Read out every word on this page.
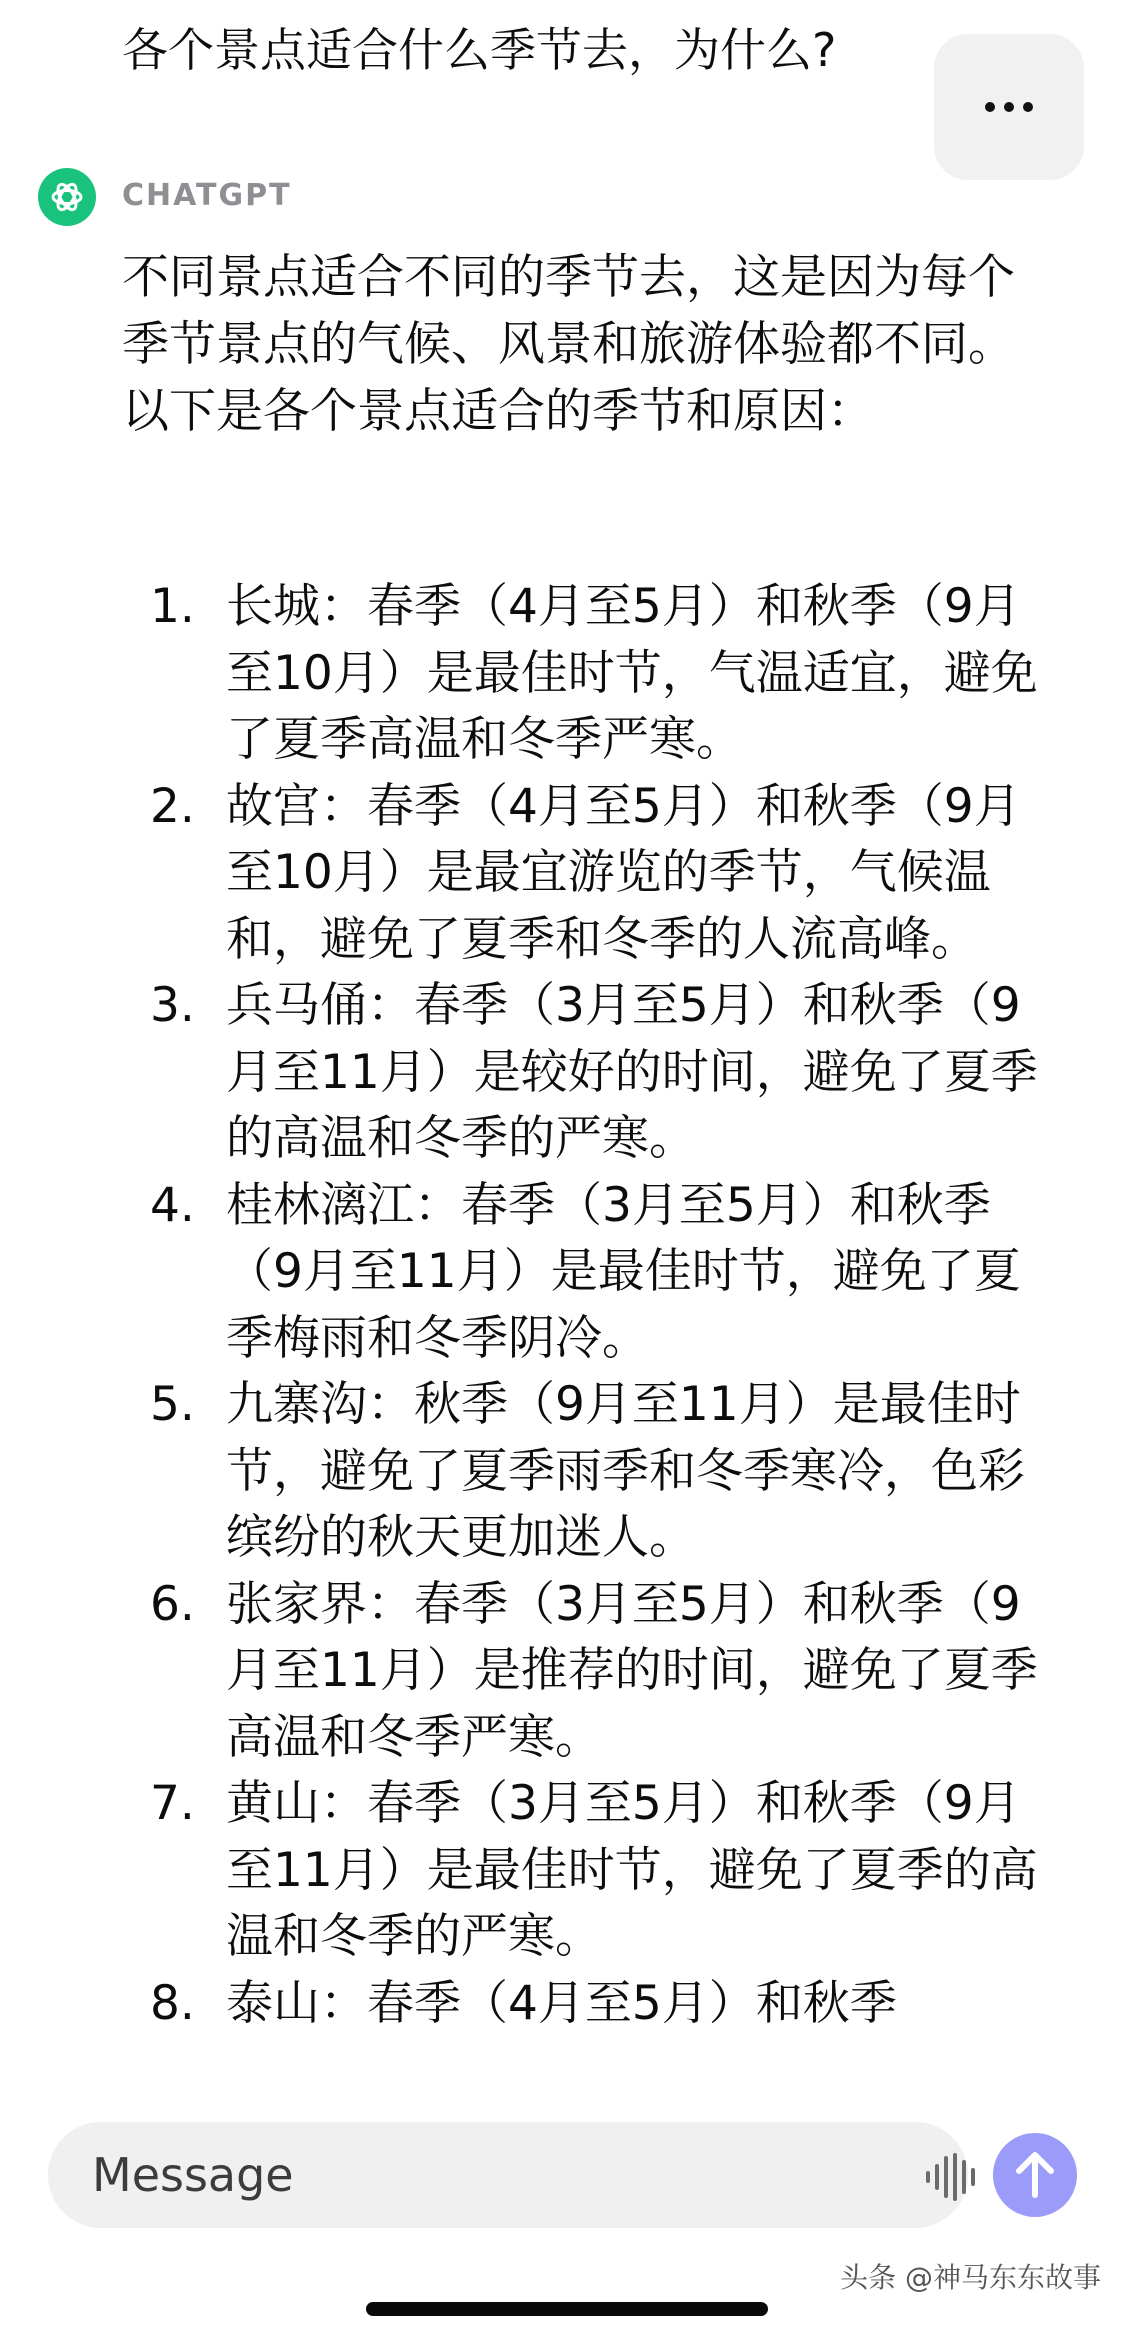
各个景点适合什么季节去，为什么?
CHATGPT
不同景点适合不同的季节去，这是因为每个季节景点的气候、风景和旅游体验都不同。以下是各个景点适合的季节和原因：
1. 长城：春季（4月至5月）和秋季（9月至10月）是最佳时节，气温适宜，避免了夏季高温和冬季严寒。
2. 故宫：春季（4月至5月）和秋季（9月至10月）是最宜游览的季节，气候温和，避免了夏季和冬季的人流高峰。
3. 兵马俑：春季（3月至5月）和秋季（9月至11月）是较好的时间，避免了夏季的高温和冬季的严寒。
4. 桂林漓江：春季（3月至5月）和秋季（9月至11月）是最佳时节，避免了夏季梅雨和冬季阴冷。
5. 九寨沟：秋季（9月至11月）是最佳时节，避免了夏季雨季和冬季寒冷，色彩缤纷的秋天更加迷人。
6. 张家界：春季（3月至5月）和秋季（9月至11月）是推荐的时间，避免了夏季高温和冬季严寒。
7. 黄山：春季（3月至5月）和秋季（9月至11月）是最佳时节，避免了夏季的高温和冬季的严寒。
8. 泰山：春季（4月至5月）和秋季
Message
头条 @神马东东故事
